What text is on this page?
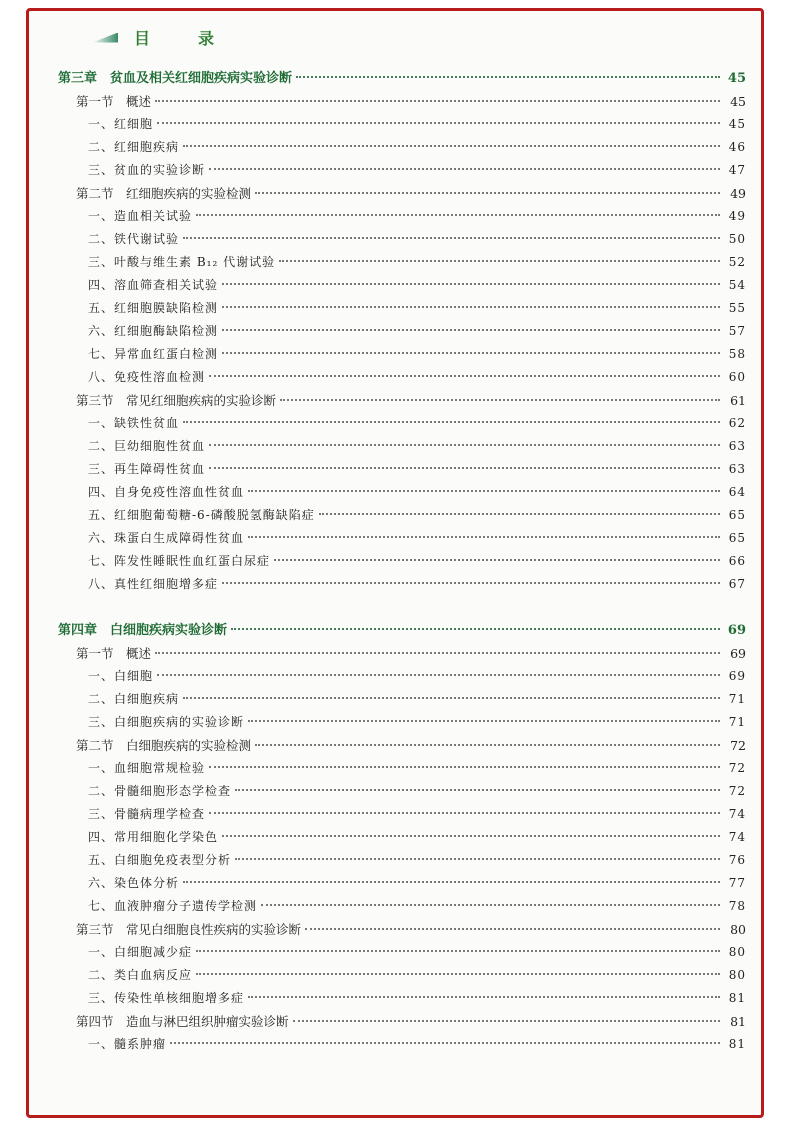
目　录
第三章　贫血及相关红细胞疾病实验诊断	45
第一节　概述	45
一、红细胞	45
二、红细胞疾病	46
三、贫血的实验诊断	47
第二节　红细胞疾病的实验检测	49
一、造血相关试验	49
二、铁代谢试验	50
三、叶酸与维生素 B₁₂ 代谢试验	52
四、溶血筛查相关试验	54
五、红细胞膜缺陷检测	55
六、红细胞酶缺陷检测	57
七、异常血红蛋白检测	58
八、免疫性溶血检测	60
第三节　常见红细胞疾病的实验诊断	61
一、缺铁性贫血	62
二、巨幼细胞性贫血	63
三、再生障碍性贫血	63
四、自身免疫性溶血性贫血	64
五、红细胞葡萄糖-6-磷酸脱氢酶缺陷症	65
六、珠蛋白生成障碍性贫血	65
七、阵发性睡眠性血红蛋白尿症	66
八、真性红细胞增多症	67
第四章　白细胞疾病实验诊断	69
第一节　概述	69
一、白细胞	69
二、白细胞疾病	71
三、白细胞疾病的实验诊断	71
第二节　白细胞疾病的实验检测	72
一、血细胞常规检验	72
二、骨髓细胞形态学检查	72
三、骨髓病理学检查	74
四、常用细胞化学染色	74
五、白细胞免疫表型分析	76
六、染色体分析	77
七、血液肿瘤分子遗传学检测	78
第三节　常见白细胞良性疾病的实验诊断	80
一、白细胞减少症	80
二、类白血病反应	80
三、传染性单核细胞增多症	81
第四节　造血与淋巴组织肿瘤实验诊断	81
一、髓系肿瘤	81
